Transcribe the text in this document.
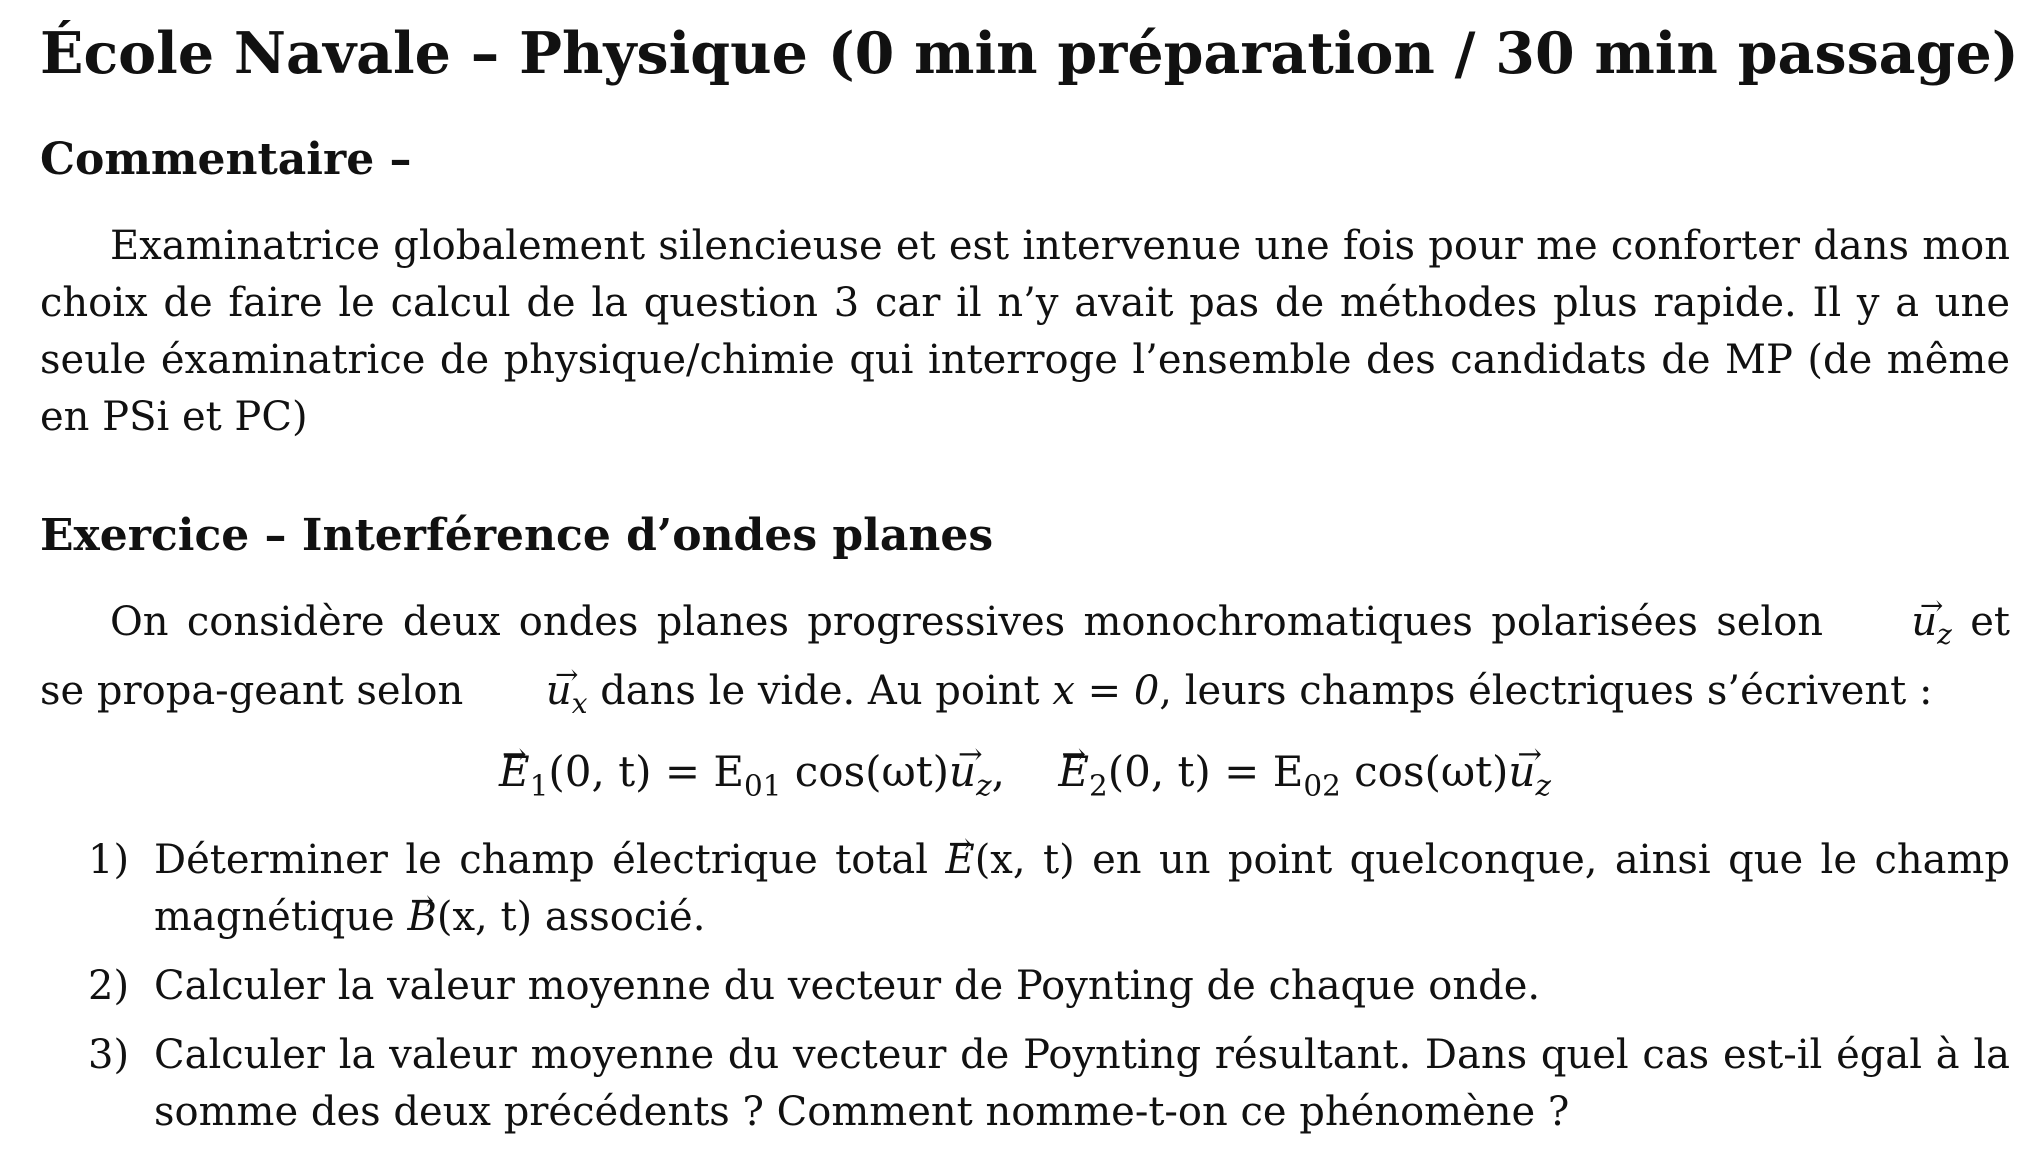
École Navale – Physique (0 min préparation / 30 min passage)
Commentaire –
Examinatrice globalement silencieuse et est intervenue une fois pour me conforter dans mon choix de faire le calcul de la question 3 car il n’y avait pas de méthodes plus rapide. Il y a une seule éxaminatrice de physique/chimie qui interroge l’ensemble des candidats de MP (de même en PSi et PC)
Exercice – Interférence d’ondes planes
On considère deux ondes planes progressives monochromatiques polarisées selon → $u_z$ et se propa-geant selon → $u_x$ dans le vide. Au point x = 0, leurs champs électriques s’écrivent :
→ $E_1(0$, $t) = E_{01}$ $\cos(\omega t)\to u_z$,    → $E_2(0$, $t) = E_{02}$ $\cos(\omega t)\to u_z$
1) Déterminer le champ électrique total → E(x, t) en un point quelconque, ainsi que le champ magnétique → B(x, t) associé.
2) Calculer la valeur moyenne du vecteur de Poynting de chaque onde.
3) Calculer la valeur moyenne du vecteur de Poynting résultant. Dans quel cas est-il égal à la somme des deux précédents ? Comment nomme-t-on ce phénomène ?
